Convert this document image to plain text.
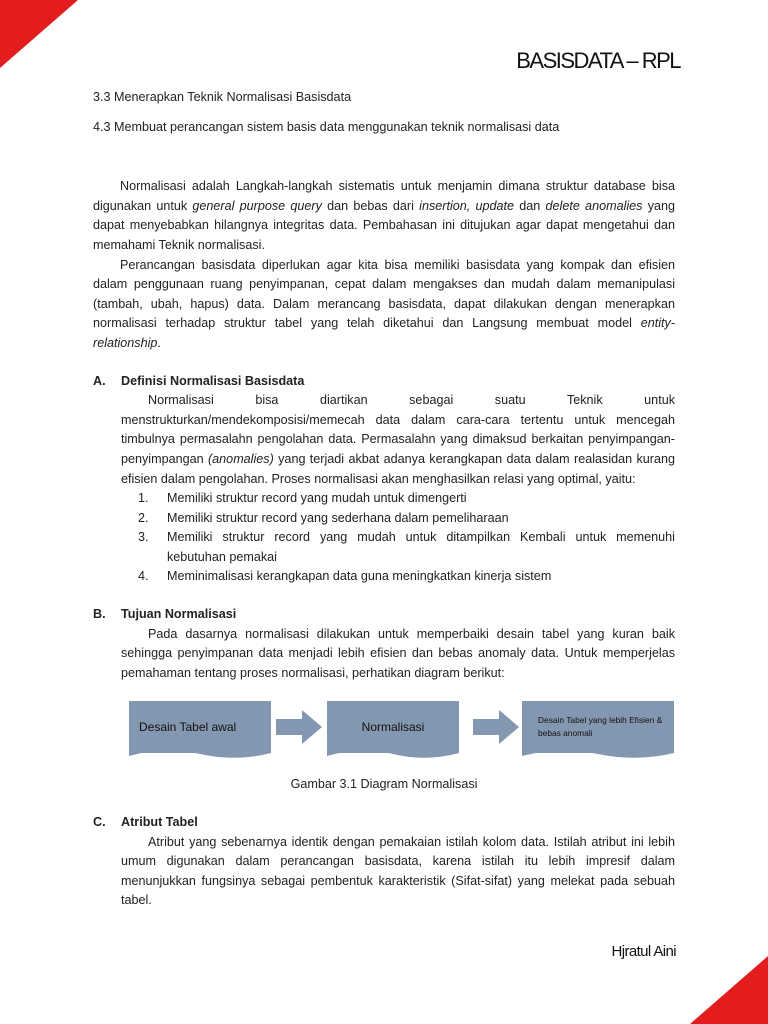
BASISDATA – RPL

3.3 Menerapkan Teknik Normalisasi Basisdata

4.3 Membuat perancangan sistem basis data menggunakan teknik normalisasi data

Normalisasi adalah Langkah-langkah sistematis untuk menjamin dimana struktur database bisa digunakan untuk general purpose query dan bebas dari insertion, update dan delete anomalies yang dapat menyebabkan hilangnya integritas data. Pembahasan ini ditujukan agar dapat mengetahui dan memahami Teknik normalisasi.

Perancangan basisdata diperlukan agar kita bisa memiliki basisdata yang kompak dan efisien dalam penggunaan ruang penyimpanan, cepat dalam mengakses dan mudah dalam memanipulasi (tambah, ubah, hapus) data. Dalam merancang basisdata, dapat dilakukan dengan menerapkan normalisasi terhadap struktur tabel yang telah diketahui dan Langsung membuat model entity-relationship.

A.	Definisi Normalisasi Basisdata

Normalisasi bisa diartikan sebagai suatu Teknik untuk menstrukturkan/mendekomposisi/memecah data dalam cara-cara tertentu untuk mencegah timbulnya permasalahn pengolahan data. Permasalahn yang dimaksud berkaitan penyimpangan-penyimpangan (anomalies) yang terjadi akbat adanya kerangkapan data dalam realasidan kurang efisien dalam pengolahan. Proses normalisasi akan menghasilkan relasi yang optimal, yaitu:

1.	Memiliki struktur record yang mudah untuk dimengerti
2.	Memiliki struktur record yang sederhana dalam pemeliharaan
3.	Memiliki struktur record yang mudah untuk ditampilkan Kembali untuk memenuhi kebutuhan pemakai
4.	Meminimalisasi kerangkapan data guna meningkatkan kinerja sistem
B.	Tujuan Normalisasi

Pada dasarnya normalisasi dilakukan untuk memperbaiki desain tabel yang kuran baik sehingga penyimpanan data menjadi lebih efisien dan bebas anomaly data. Untuk memperjelas pemahaman tentang proses normalisasi, perhatikan diagram berikut:

Desain Tabel awal	Normalisasi	Desain Tabel yang lebih Efisien & bebas anomali
Gambar 3.1 Diagram Normalisasi
C.	Atribut Tabel

Atribut yang sebenarnya identik dengan pemakaian istilah kolom data. Istilah atribut ini lebih umum digunakan dalam perancangan basisdata, karena istilah itu lebih impresif dalam menunjukkan fungsinya sebagai pembentuk karakteristik (Sifat-sifat) yang melekat pada sebuah tabel.

Hjratul Aini
